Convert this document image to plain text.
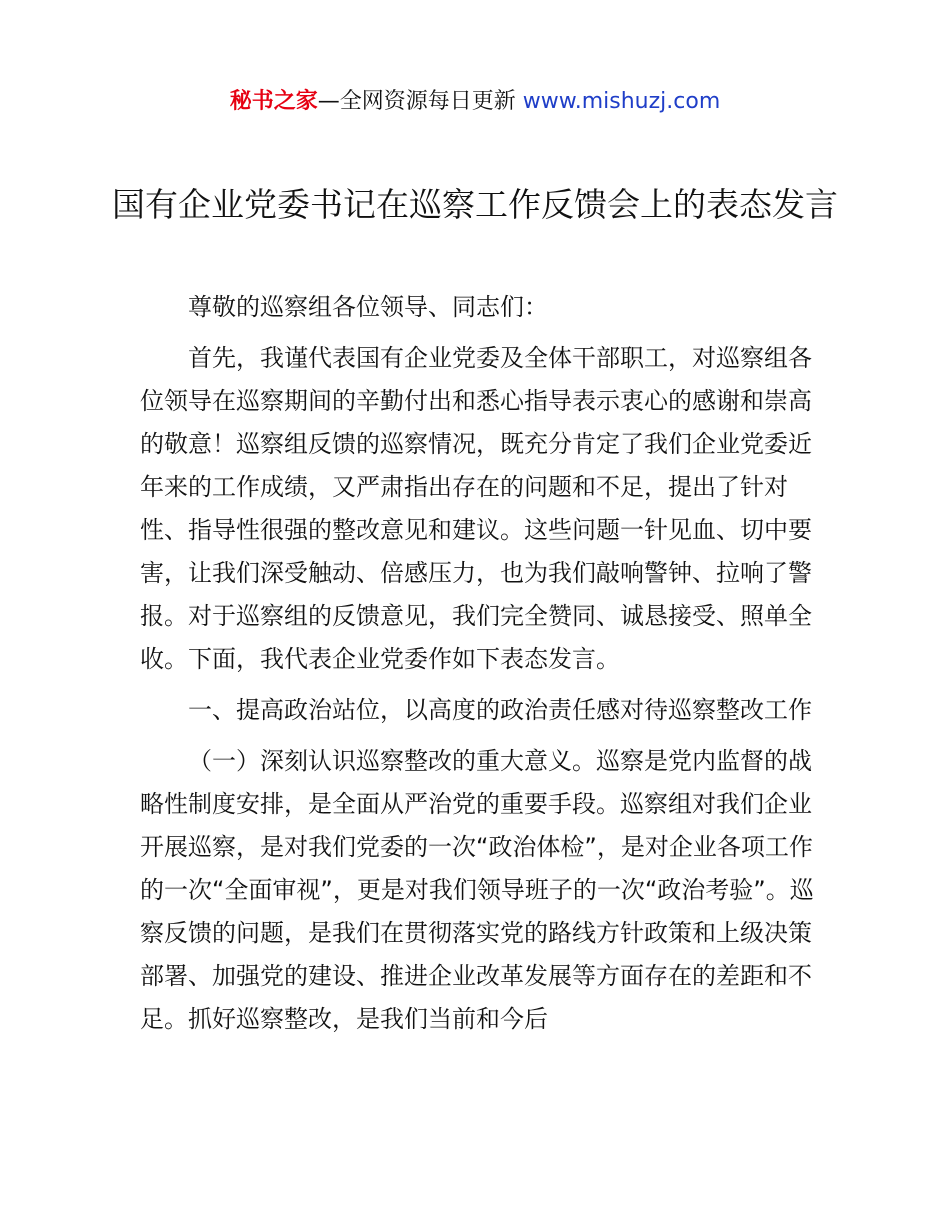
秘书之家—全网资源每日更新 www.mishuzj.com
国有企业党委书记在巡察工作反馈会上的表态发言

尊敬的巡察组各位领导、同志们：

首先，我谨代表国有企业党委及全体干部职工，对巡察组各位领导在巡察期间的辛勤付出和悉心指导表示衷心的感谢和崇高的敬意！巡察组反馈的巡察情况，既充分肯定了我们企业党委近年来的工作成绩，又严肃指出存在的问题和不足，提出了针对性、指导性很强的整改意见和建议。这些问题一针见血、切中要害，让我们深受触动、倍感压力，也为我们敲响警钟、拉响了警报。对于巡察组的反馈意见，我们完全赞同、诚恳接受、照单全收。下面，我代表企业党委作如下表态发言。

一、提高政治站位，以高度的政治责任感对待巡察整改工作

（一）深刻认识巡察整改的重大意义。巡察是党内监督的战略性制度安排，是全面从严治党的重要手段。巡察组对我们企业开展巡察，是对我们党委的一次“政治体检”，是对企业各项工作的一次“全面审视”，更是对我们领导班子的一次“政治考验”。巡察反馈的问题，是我们在贯彻落实党的路线方针政策和上级决策部署、加强党的建设、推进企业改革发展等方面存在的差距和不足。抓好巡察整改，是我们当前和今后
